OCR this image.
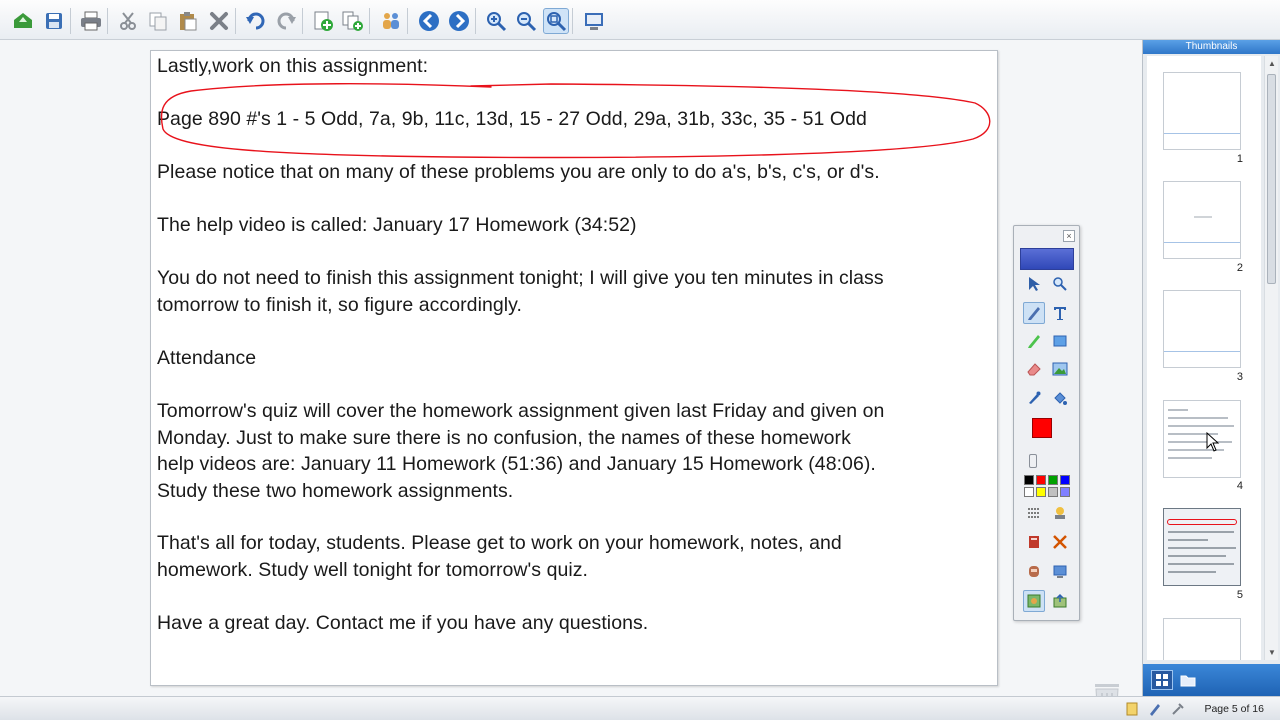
Lastly,work on this assignment:
Page 890 #'s 1 - 5 Odd, 7a, 9b, 11c, 13d, 15 - 27 Odd, 29a, 31b, 33c, 35 - 51 Odd
Please notice that on many of these problems you are only to do a's, b's, c's, or d's.
The help video is called: January 17 Homework (34:52)
You do not need to finish this assignment tonight; I will give you ten minutes in class
tomorrow to finish it, so figure accordingly.
Attendance
Tomorrow's quiz will cover the homework assignment given last Friday and given on
Monday. Just to make sure there is no confusion, the names of these homework
help videos are: January 11 Homework (51:36) and January 15 Homework (48:06).
Study these two homework assignments.
That's all for today, students. Please get to work on your homework, notes, and
homework. Study well tonight for tomorrow's quiz.
Have a great day. Contact me if you have any questions.
×
Thumbnails
1
2
3
4
5
▲
▼
Page 5 of 16
